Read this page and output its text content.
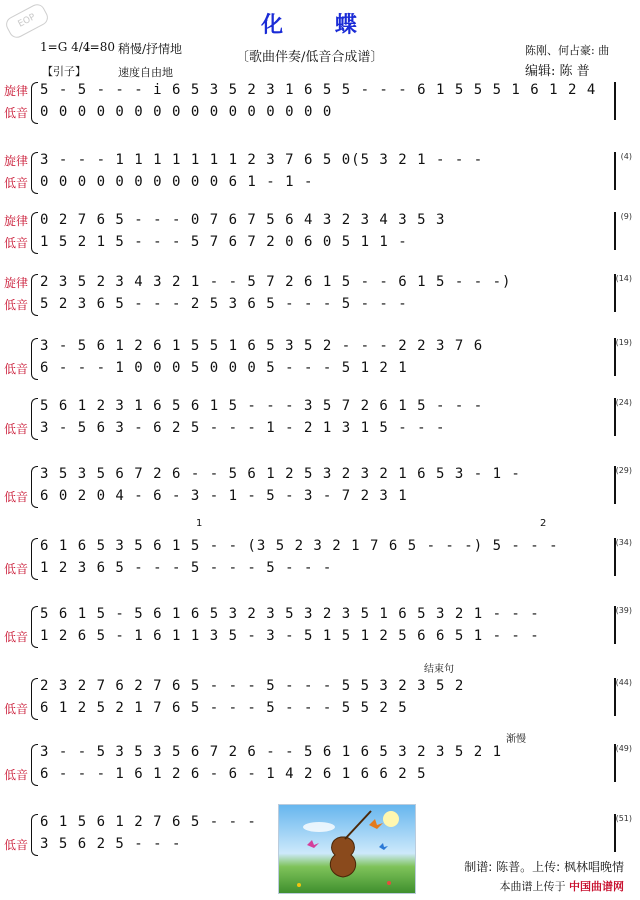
EOP	化 蝶
1=G 4/4
♩=80 稍慢/抒情地
〔歌曲伴奏/低音合成谱〕	陈刚、何占豪: 曲
编辑: 陈 普
【引子】	速度自由地
旋律 5 - 5 - - - i 6 5 3 5 2 3 1 6 5 5 - - - 6 1 5 5 5 1 6 1 2 4
低音 0 0 0 0 0 0 0 0 0 0 0 0 0 0 0 0
旋律 3 - - - 1 1 1 1 1 1 1 2 3 7 6 5 0(5 3 2 1 - - -
低音 0 0 0 0 0 0 0 0 0 0 6 1 - 1 -
(4)
旋律 0 2 7 6 5 - - - 0 7 6 7 5 6 4 3 2 3 4 3 5 3
低音 1 5 2 1 5 - - - 5 7 6 7 2 0 6 0 5 1 1 -
(9)
旋律 2 3 5 2 3 4 3 2 1 - - 5 7 2 6 1 5 - - 6 1 5 - - -)
低音 5 2 3 6 5 - - - 2 5 3 6 5 - - - 5 - - -
(14)
3 - 5 6 1 2 6 1 5 5 1 6 5 3 5 2 - - - 2 2 3 7 6
低音 6 - - - 1 0 0 0 5 0 0 0 5 - - - 5 1 2 1
(19)
5 6 1 2 3 1 6 5 6 1 5 - - - 3 5 7 2 6 1 5 - - -
低音 3 - 5 6 3 - 6 2 5 - - - 1 - 2 1 3 1 5 - - -
(24)
3 5 3 5 6 7 2 6 - - 5 6 1 2 5 3 2 3 2 1 6 5 3 - 1 -
低音 6 0 2 0 4 - 6 - 3 - 1 - 5 - 3 - 7 2 3 1
(29)
6 1 6 5 3 5 6 1 5 - - (3 5 2 3 2 1 7 6 5 - - -) 5 - - -
低音 1 2 3 6 5 - - - 5 - - - 5 - - -
(34)
5 6 1 5 - 5 6 1 6 5 3 2 3 5 3 2 3 5 1 6 5 3 2 1 - - -
低音 1 2 6 5 - 1 6 1 1 3 5 - 3 - 5 1 5 1 2 5 6 6 5 1 - - -
(39)
2 3 2 7 6 2 7 6 5 - - - 5 - - - 5 5 3 2 3 5 2
低音 6 1 2 5 2 1 7 6 5 - - - 5 - - - 5 5 2 5
(44)
3 - - 5 3 5 3 5 6 7 2 6 - - 5 6 1 6 5 3 2 3 5 2 1
低音 6 - - - 1 6 1 2 6 - 6 - 1 4 2 6 1 6 6 2 5
(49)
6 1 5 6 1 2 7 6 5 - - -
低音 3 5 6 2 5 - - -
(51)
1	2
结束句
渐慢
制谱: 陈普。上传: 枫林唱晚情
本曲谱上传于 中国曲谱网
